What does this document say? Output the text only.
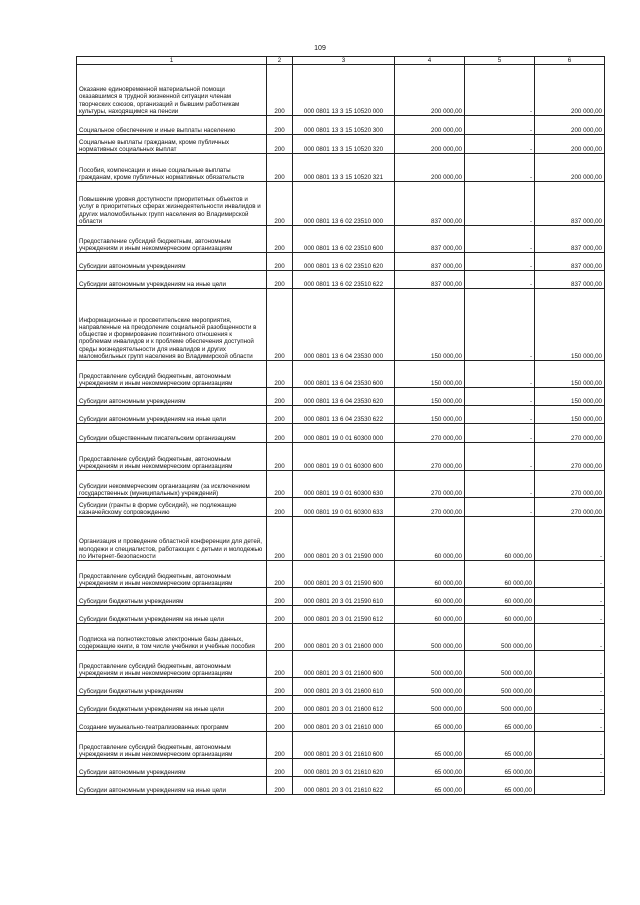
109
1	2	3	4	5	6
Оказание единовременной материальной помощи оказавшимся в трудной жизненной ситуации членам творческих союзов, организаций и бывшим работникам культуры, находящимся на пенсии	200	000 0801 13 3 15 10520 000	200 000,00	-	200 000,00
Социальное обеспечение и иные выплаты населению	200	000 0801 13 3 15 10520 300	200 000,00	-	200 000,00
Социальные выплаты гражданам, кроме публичных нормативных социальных выплат	200	000 0801 13 3 15 10520 320	200 000,00	-	200 000,00
Пособия, компенсации и иные социальные выплаты гражданам, кроме публичных нормативных обязательств	200	000 0801 13 3 15 10520 321	200 000,00	-	200 000,00
Повышение уровня доступности приоритетных объектов и услуг в приоритетных сферах жизнедеятельности инвалидов и других маломобильных групп населения во Владимирской области	200	000 0801 13 6 02 23510 000	837 000,00	-	837 000,00
Предоставление субсидий бюджетным, автономным учреждениям и иным некоммерческим организациям	200	000 0801 13 6 02 23510 600	837 000,00	-	837 000,00
Субсидии автономным учреждениям	200	000 0801 13 6 02 23510 620	837 000,00	-	837 000,00
Субсидии автономным учреждениям на иные цели	200	000 0801 13 6 02 23510 622	837 000,00	-	837 000,00
Информационные и просветительские мероприятия, направленные на преодоление социальной разобщенности в обществе и формирование позитивного отношения к проблемам инвалидов и к проблеме обеспечения доступной среды жизнедеятельности для инвалидов и других маломобильных групп населения во Владимирской области	200	000 0801 13 6 04 23530 000	150 000,00	-	150 000,00
Предоставление субсидий бюджетным, автономным учреждениям и иным некоммерческим организациям	200	000 0801 13 6 04 23530 600	150 000,00	-	150 000,00
Субсидии автономным учреждениям	200	000 0801 13 6 04 23530 620	150 000,00	-	150 000,00
Субсидии автономным учреждениям на иные цели	200	000 0801 13 6 04 23530 622	150 000,00	-	150 000,00
Субсидии общественным писательским организациям	200	000 0801 19 0 01 60300 000	270 000,00	-	270 000,00
Предоставление субсидий бюджетным, автономным учреждениям и иным некоммерческим организациям	200	000 0801 19 0 01 60300 600	270 000,00	-	270 000,00
Субсидии некоммерческим организациям (за исключением государственных (муниципальных) учреждений)	200	000 0801 19 0 01 60300 630	270 000,00	-	270 000,00
Субсидии (гранты в форме субсидий), не подлежащие казначейскому сопровождению	200	000 0801 19 0 01 60300 633	270 000,00	-	270 000,00
Организация и проведение областной конференции для детей, молодежи и специалистов, работающих с детьми и молодежью по Интернет-безопасности	200	000 0801 20 3 01 21590 000	60 000,00	60 000,00	-
Предоставление субсидий бюджетным, автономным учреждениям и иным некоммерческим организациям	200	000 0801 20 3 01 21590 600	60 000,00	60 000,00	-
Субсидии бюджетным учреждениям	200	000 0801 20 3 01 21590 610	60 000,00	60 000,00	-
Субсидии бюджетным учреждениям на иные цели	200	000 0801 20 3 01 21590 612	60 000,00	60 000,00	-
Подписка на полнотекстовые электронные базы данных, содержащие книги, в том числе учебники и учебные пособия	200	000 0801 20 3 01 21600 000	500 000,00	500 000,00	-
Предоставление субсидий бюджетным, автономным учреждениям и иным некоммерческим организациям	200	000 0801 20 3 01 21600 600	500 000,00	500 000,00	-
Субсидии бюджетным учреждениям	200	000 0801 20 3 01 21600 610	500 000,00	500 000,00	-
Субсидии бюджетным учреждениям на иные цели	200	000 0801 20 3 01 21600 612	500 000,00	500 000,00	-
Создание музыкально-театрализованных программ	200	000 0801 20 3 01 21610 000	65 000,00	65 000,00	-
Предоставление субсидий бюджетным, автономным учреждениям и иным некоммерческим организациям	200	000 0801 20 3 01 21610 600	65 000,00	65 000,00	-
Субсидии автономным учреждениям	200	000 0801 20 3 01 21610 620	65 000,00	65 000,00	-
Субсидии автономным учреждениям на иные цели	200	000 0801 20 3 01 21610 622	65 000,00	65 000,00	-
